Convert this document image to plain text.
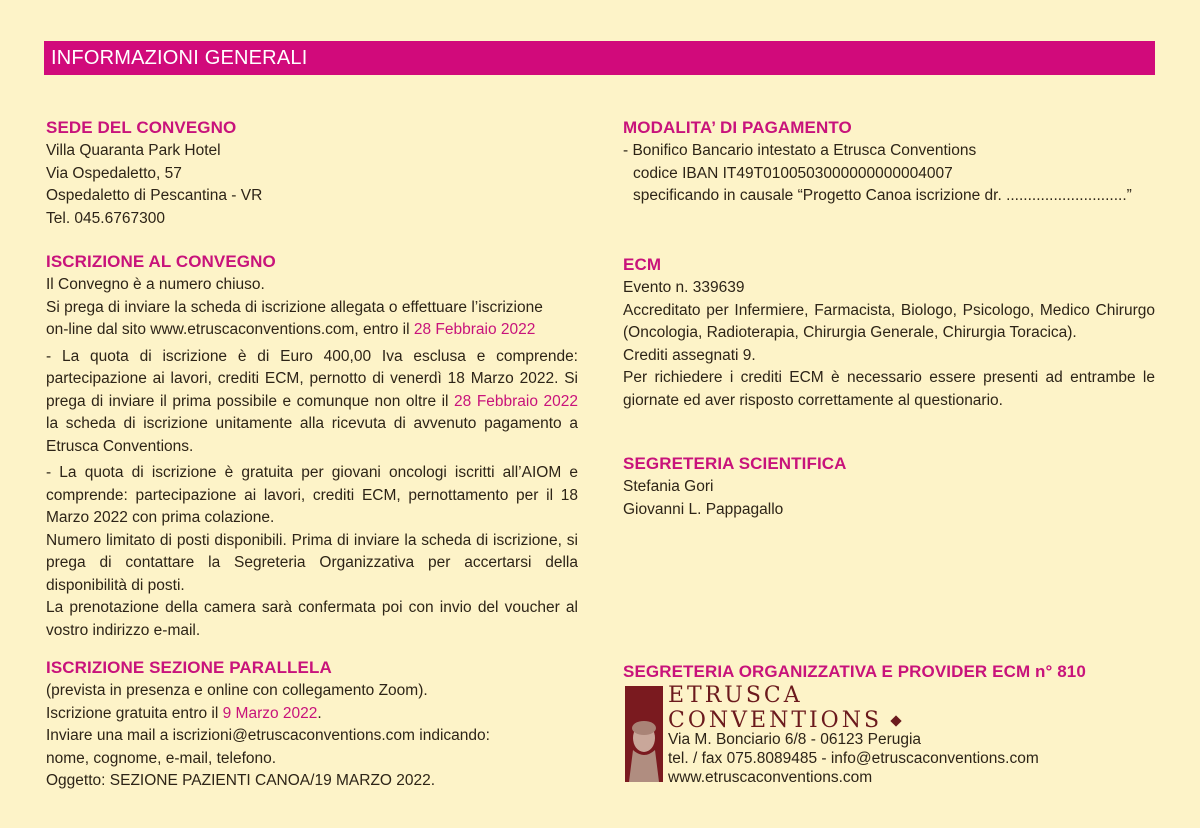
INFORMAZIONI GENERALI
SEDE DEL CONVEGNO

Villa Quaranta Park Hotel

Via Ospedaletto, 57

Ospedaletto di Pescantina - VR

Tel. 045.6767300

ISCRIZIONE AL CONVEGNO

Il Convegno è a numero chiuso.

Si prega di inviare la scheda di iscrizione allegata o effettuare l’iscrizione

on-line dal sito www.etruscaconventions.com, entro il 28 Febbraio 2022

- La quota di iscrizione è di Euro 400,00 Iva esclusa e comprende: partecipazione ai lavori, crediti ECM, pernotto di venerdì 18 Marzo 2022. Si prega di inviare il prima possibile e comunque non oltre il 28 Febbraio 2022 la scheda di iscrizione unitamente alla ricevuta di avvenuto pagamento a Etrusca Conventions.

- La quota di iscrizione è gratuita per giovani oncologi iscritti all’AIOM e comprende: partecipazione ai lavori, crediti ECM, pernottamento per il 18 Marzo 2022 con prima colazione.

Numero limitato di posti disponibili. Prima di inviare la scheda di iscrizione, si prega di contattare la Segreteria Organizzativa per accertarsi della disponibilità di posti.

La prenotazione della camera sarà confermata poi con invio del voucher al vostro indirizzo e-mail.

ISCRIZIONE SEZIONE PARALLELA

(prevista in presenza e online con collegamento Zoom).

Iscrizione gratuita entro il 9 Marzo 2022.

Inviare una mail a iscrizioni@etruscaconventions.com indicando:

nome, cognome, e-mail, telefono.

Oggetto: SEZIONE PAZIENTI CANOA/19 MARZO 2022.

MODALITA’ DI PAGAMENTO

- Bonifico Bancario intestato a Etrusca Conventions

codice IBAN IT49T0100503000000000004007

specificando in causale “Progetto Canoa iscrizione dr. ............................”

ECM

Evento n. 339639

Accreditato per Infermiere, Farmacista, Biologo, Psicologo, Medico Chirurgo (Oncologia, Radioterapia, Chirurgia Generale, Chirurgia Toracica).

Crediti assegnati 9.

Per richiedere i crediti ECM è necessario essere presenti ad entrambe le giornate ed aver risposto correttamente al questionario.

SEGRETERIA SCIENTIFICA

Stefania Gori

Giovanni L. Pappagallo

SEGRETERIA ORGANIZZATIVA E PROVIDER ECM n° 810
ETRUSCA
CONVENTIONS
Via M. Bonciario 6/8 - 06123 Perugia
tel. / fax 075.8089485 - info@etruscaconventions.com
www.etruscaconventions.com
